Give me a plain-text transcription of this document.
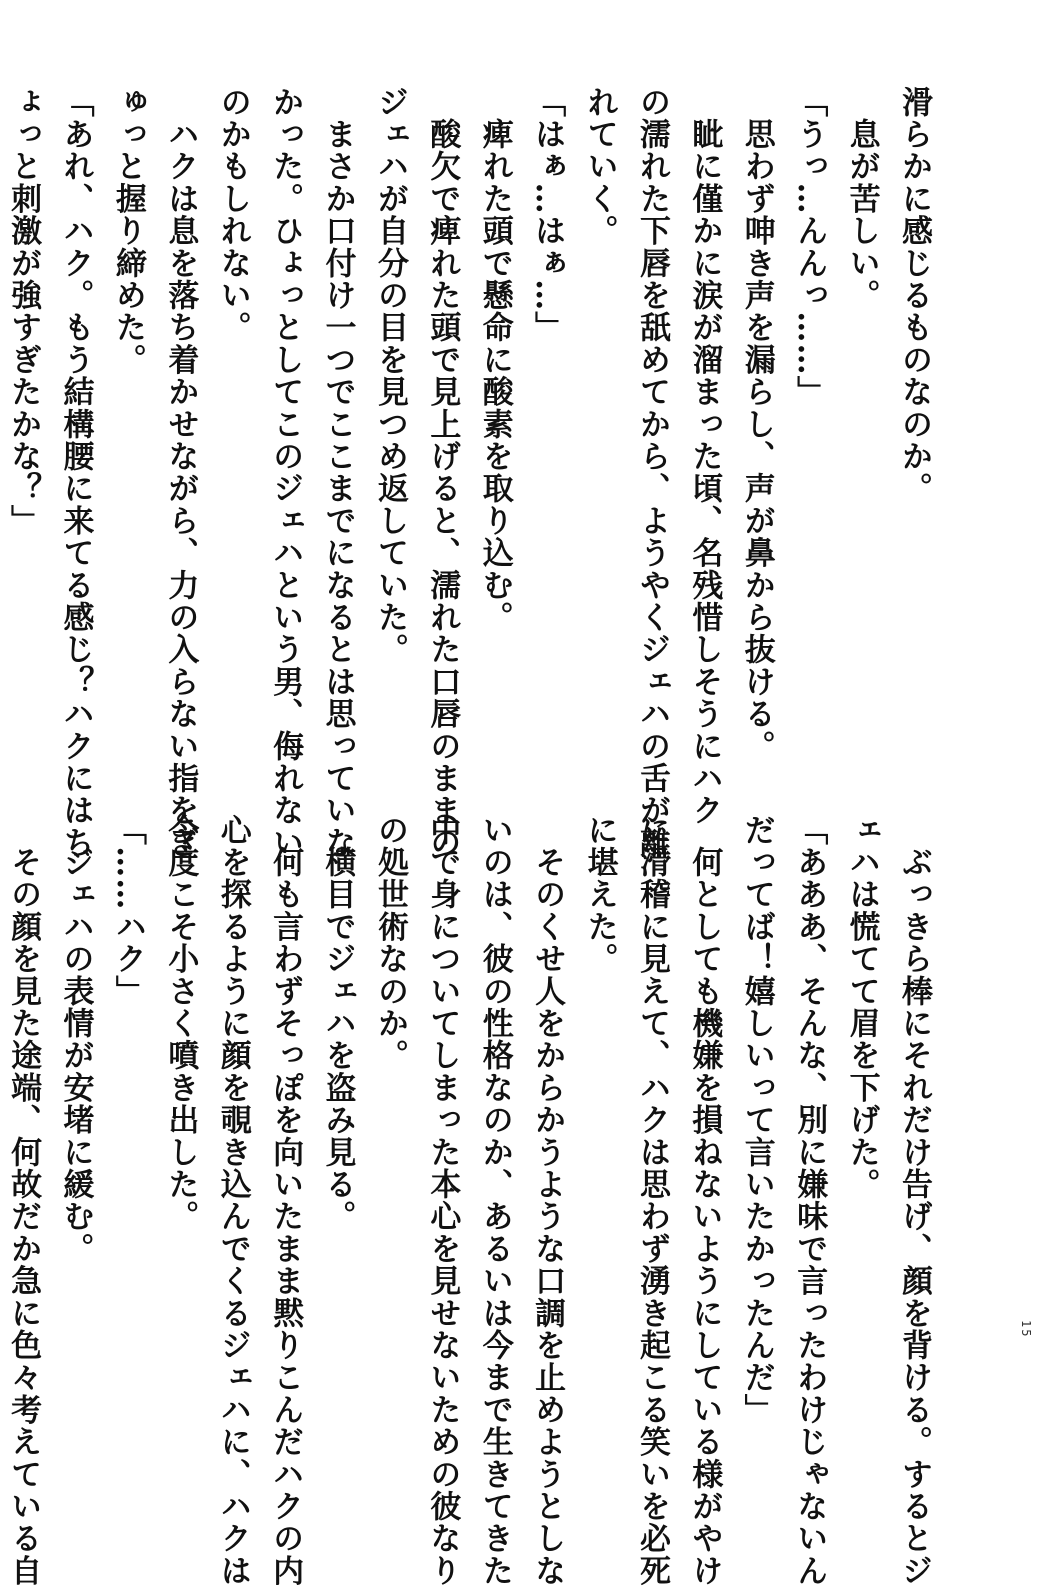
滑らかに感じるものなのか。
　息が苦しい。
「うっ…んんっ……」
　思わず呻き声を漏らし、声が鼻から抜ける。
　眦に僅かに涙が溜まった頃、名残惜しそうにハク
の濡れた下唇を舐めてから、ようやくジェハの舌が離
れていく。
「はぁ…はぁ…」
　痺れた頭で懸命に酸素を取り込む。
　酸欠で痺れた頭で見上げると、濡れた口唇のままの
ジェハが自分の目を見つめ返していた。
　まさか口付け一つでここまでになるとは思っていな
かった。ひょっとしてこのジェハという男、侮れない
のかもしれない。
　ハクは息を落ち着かせながら、力の入らない指をぎ
ゅっと握り締めた。
「あれ、ハク。もう結構腰に来てる感じ？ハクにはち
ょっと刺激が強すぎたかな？」
　ぶっきら棒にそれだけ告げ、顔を背ける。するとジ
ェハは慌てて眉を下げた。
「あああ、そんな、別に嫌味で言ったわけじゃないん
だってば！嬉しいって言いたかったんだ」
　何としても機嫌を損ねないようにしている様がやけ
に滑稽に見えて、ハクは思わず湧き起こる笑いを必死
に堪えた。
　そのくせ人をからかうような口調を止めようとしな
いのは、彼の性格なのか、あるいは今まで生きてきた
中で身についてしまった本心を見せないための彼なり
の処世術なのか。
　横目でジェハを盗み見る。
　何も言わずそっぽを向いたまま黙りこんだハクの内
心を探るように顔を覗き込んでくるジェハに、ハクは
今度こそ小さく噴き出した。
「……ハク」
　ジェハの表情が安堵に緩む。
　その顔を見た途端、何故だか急に色々考えている自	15
